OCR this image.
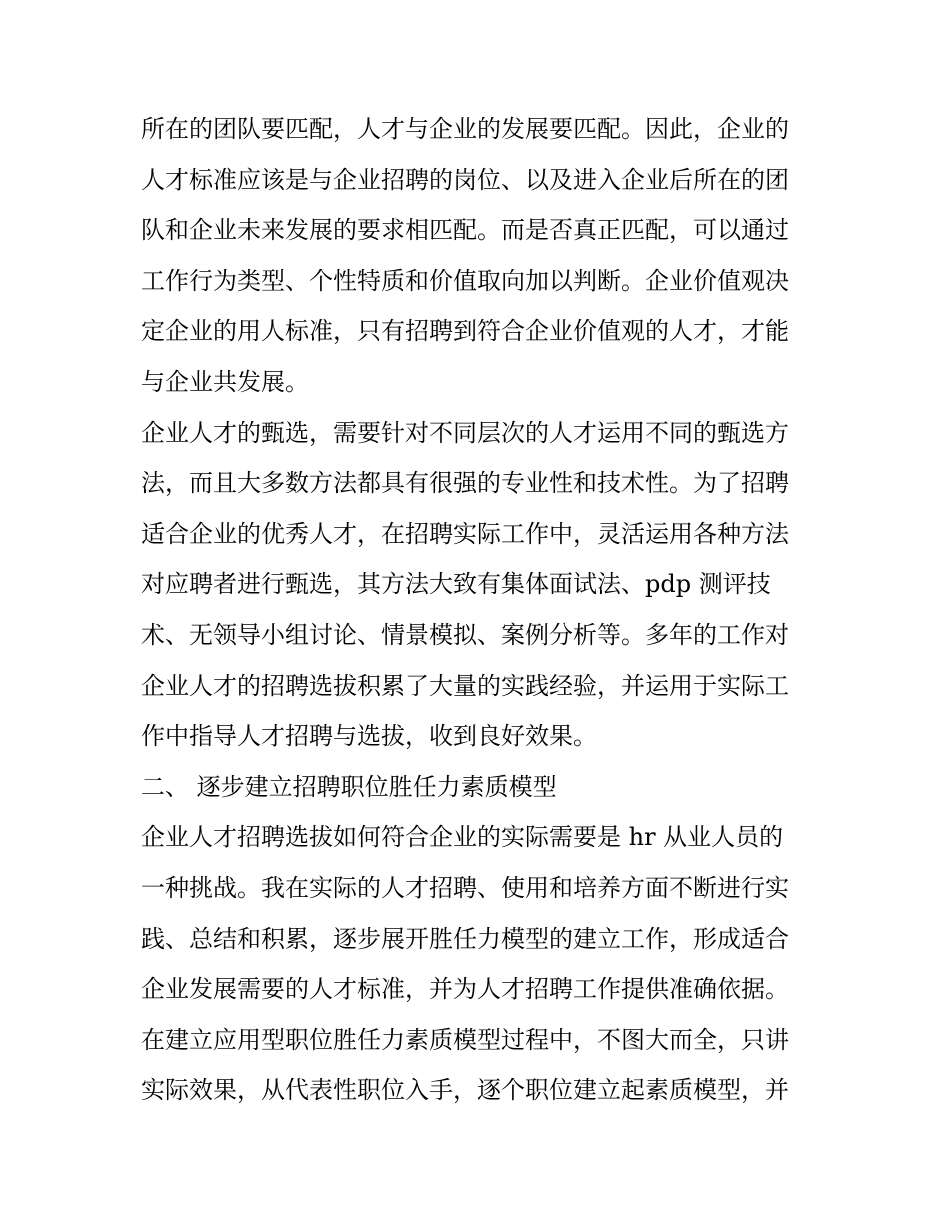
所在的团队要匹配，人才与企业的发展要匹配。因此，企业的
人才标准应该是与企业招聘的岗位、以及进入企业后所在的团
队和企业未来发展的要求相匹配。而是否真正匹配，可以通过
工作行为类型、个性特质和价值取向加以判断。企业价值观决
定企业的用人标准，只有招聘到符合企业价值观的人才，才能
与企业共发展。
企业人才的甄选，需要针对不同层次的人才运用不同的甄选方
法，而且大多数方法都具有很强的专业性和技术性。为了招聘
适合企业的优秀人才，在招聘实际工作中，灵活运用各种方法
对应聘者进行甄选，其方法大致有集体面试法、pdp 测评技
术、无领导小组讨论、情景模拟、案例分析等。多年的工作对
企业人才的招聘选拔积累了大量的实践经验，并运用于实际工
作中指导人才招聘与选拔，收到良好效果。
二、 逐步建立招聘职位胜任力素质模型
企业人才招聘选拔如何符合企业的实际需要是 hr 从业人员的
一种挑战。我在实际的人才招聘、使用和培养方面不断进行实
践、总结和积累，逐步展开胜任力模型的建立工作，形成适合
企业发展需要的人才标准，并为人才招聘工作提供准确依据。
在建立应用型职位胜任力素质模型过程中，不图大而全，只讲
实际效果，从代表性职位入手，逐个职位建立起素质模型，并
